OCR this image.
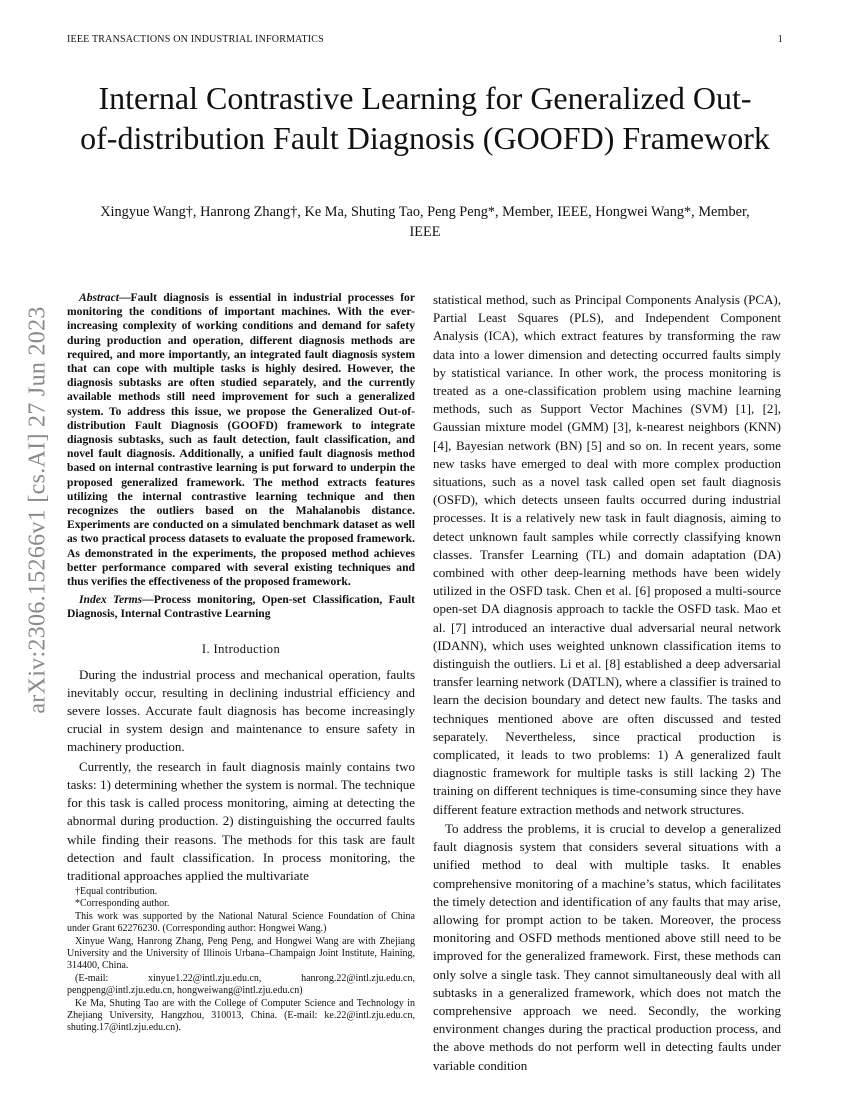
IEEE TRANSACTIONS ON INDUSTRIAL INFORMATICS	1
arXiv:2306.15266v1 [cs.AI] 27 Jun 2023
Internal Contrastive Learning for Generalized Out-of-distribution Fault Diagnosis (GOOFD) Framework
Xingyue Wang†, Hanrong Zhang†, Ke Ma, Shuting Tao, Peng Peng*, Member, IEEE, Hongwei Wang*, Member, IEEE

Abstract—Fault diagnosis is essential in industrial processes for monitoring the conditions of important machines. With the ever-increasing complexity of working conditions and demand for safety during production and operation, different diagnosis methods are required, and more importantly, an integrated fault diagnosis system that can cope with multiple tasks is highly desired. However, the diagnosis subtasks are often studied separately, and the currently available methods still need improvement for such a generalized system. To address this issue, we propose the Generalized Out-of-distribution Fault Diagnosis (GOOFD) framework to integrate diagnosis subtasks, such as fault detection, fault classification, and novel fault diagnosis. Additionally, a unified fault diagnosis method based on internal contrastive learning is put forward to underpin the proposed generalized framework. The method extracts features utilizing the internal contrastive learning technique and then recognizes the outliers based on the Mahalanobis distance. Experiments are conducted on a simulated benchmark dataset as well as two practical process datasets to evaluate the proposed framework. As demonstrated in the experiments, the proposed method achieves better performance compared with several existing techniques and thus verifies the effectiveness of the proposed framework.

Index Terms—Process monitoring, Open-set Classification, Fault Diagnosis, Internal Contrastive Learning

I. Introduction

During the industrial process and mechanical operation, faults inevitably occur, resulting in declining industrial efficiency and severe losses. Accurate fault diagnosis has become increasingly crucial in system design and maintenance to ensure safety in machinery production.

Currently, the research in fault diagnosis mainly contains two tasks: 1) determining whether the system is normal. The technique for this task is called process monitoring, aiming at detecting the abnormal during production. 2) distinguishing the occurred faults while finding their reasons. The methods for this task are fault detection and fault classification. In process monitoring, the traditional approaches applied the multivariate

†Equal contribution.

*Corresponding author.

This work was supported by the National Natural Science Foundation of China under Grant 62276230. (Corresponding author: Hongwei Wang.)

Xinyue Wang, Hanrong Zhang, Peng Peng, and Hongwei Wang are with Zhejiang University and the University of Illinois Urbana–Champaign Joint Institute, Haining, 314400, China.

(E-mail: xinyue1.22@intl.zju.edu.cn, hanrong.22@intl.zju.edu.cn, pengpeng@intl.zju.edu.cn, hongweiwang@intl.zju.edu.cn)

Ke Ma, Shuting Tao are with the College of Computer Science and Technology in Zhejiang University, Hangzhou, 310013, China. (E-mail: ke.22@intl.zju.edu.cn, shuting.17@intl.zju.edu.cn).

statistical method, such as Principal Components Analysis (PCA), Partial Least Squares (PLS), and Independent Component Analysis (ICA), which extract features by transforming the raw data into a lower dimension and detecting occurred faults simply by statistical variance. In other work, the process monitoring is treated as a one-classification problem using machine learning methods, such as Support Vector Machines (SVM) [1], [2], Gaussian mixture model (GMM) [3], k-nearest neighbors (KNN) [4], Bayesian network (BN) [5] and so on. In recent years, some new tasks have emerged to deal with more complex production situations, such as a novel task called open set fault diagnosis (OSFD), which detects unseen faults occurred during industrial processes. It is a relatively new task in fault diagnosis, aiming to detect unknown fault samples while correctly classifying known classes. Transfer Learning (TL) and domain adaptation (DA) combined with other deep-learning methods have been widely utilized in the OSFD task. Chen et al. [6] proposed a multi-source open-set DA diagnosis approach to tackle the OSFD task. Mao et al. [7] introduced an interactive dual adversarial neural network (IDANN), which uses weighted unknown classification items to distinguish the outliers. Li et al. [8] established a deep adversarial transfer learning network (DATLN), where a classifier is trained to learn the decision boundary and detect new faults. The tasks and techniques mentioned above are often discussed and tested separately. Nevertheless, since practical production is complicated, it leads to two problems: 1) A generalized fault diagnostic framework for multiple tasks is still lacking 2) The training on different techniques is time-consuming since they have different feature extraction methods and network structures.

To address the problems, it is crucial to develop a generalized fault diagnosis system that considers several situations with a unified method to deal with multiple tasks. It enables comprehensive monitoring of a machine’s status, which facilitates the timely detection and identification of any faults that may arise, allowing for prompt action to be taken. Moreover, the process monitoring and OSFD methods mentioned above still need to be improved for the generalized framework. First, these methods can only solve a single task. They cannot simultaneously deal with all subtasks in a generalized framework, which does not match the comprehensive approach we need. Secondly, the working environment changes during the practical production process, and the above methods do not perform well in detecting faults under variable condition
